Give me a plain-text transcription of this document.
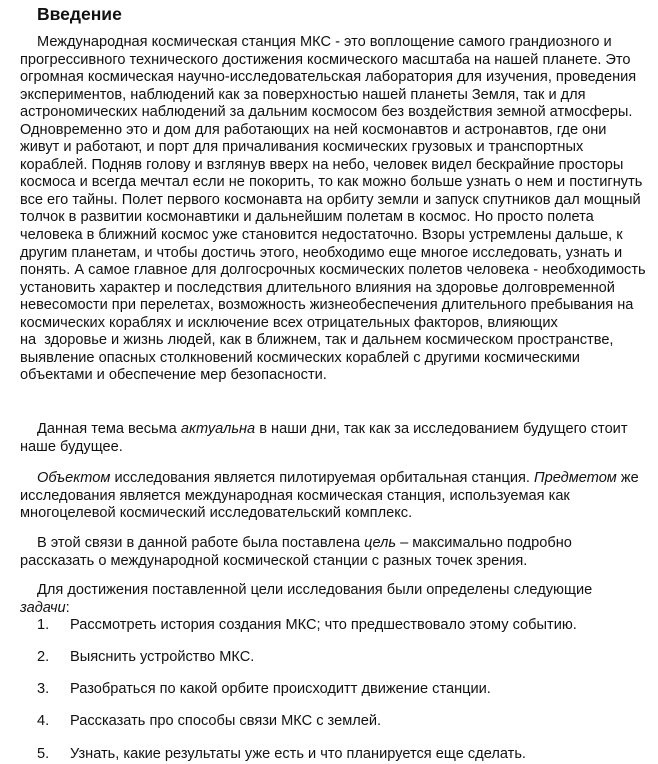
Введение
Международная космическая станция МКС - это воплощение самого грандиозного и
прогрессивного технического достижения космического масштаба на нашей планете. Это
огромная космическая научно-исследовательская лаборатория для изучения, проведения
экспериментов, наблюдений как за поверхностью нашей планеты Земля, так и для
астрономических наблюдений за дальним космосом без воздействия земной атмосферы.
Одновременно это и дом для работающих на ней космонавтов и астронавтов, где они
живут и работают, и порт для причаливания космических грузовых и транспортных
кораблей. Подняв голову и взглянув вверх на небо, человек видел бескрайние просторы
космоса и всегда мечтал если не покорить, то как можно больше узнать о нем и постигнуть
все его тайны. Полет первого космонавта на орбиту земли и запуск спутников дал мощный
толчок в развитии космонавтики и дальнейшим полетам в космос. Но просто полета
человека в ближний космос уже становится недостаточно. Взоры устремлены дальше, к
другим планетам, и чтобы достичь этого, необходимо еще многое исследовать, узнать и
понять. А самое главное для долгосрочных космических полетов человека - необходимость
установить характер и последствия длительного влияния на здоровье долговременной
невесомости при перелетах, возможность жизнеобеспечения длительного пребывания на
космических кораблях и исключение всех отрицательных факторов, влияющих
на  здоровье и жизнь людей, как в ближнем, так и дальнем космическом пространстве,
выявление опасных столкновений космических кораблей с другими космическими
объектами и обеспечение мер безопасности.
Данная тема весьма актуальна в наши дни, так как за исследованием будущего стоит
наше будущее.
Объектом исследования является пилотируемая орбитальная станция. Предметом же
исследования является международная космическая станция, используемая как
многоцелевой космический исследовательский комплекс.
В этой связи в данной работе была поставлена цель – максимально подробно
рассказать о международной космической станции с разных точек зрения.
Для достижения поставленной цели исследования были определены следующие
задачи:
1. Рассмотреть история создания МКС; что предшествовало этому событию.
2. Выяснить устройство МКС.
3. Разобраться по какой орбите происходитт движение станции.
4. Рассказать про способы связи МКС с землей.
5. Узнать, какие результаты уже есть и что планируется еще сделать.
